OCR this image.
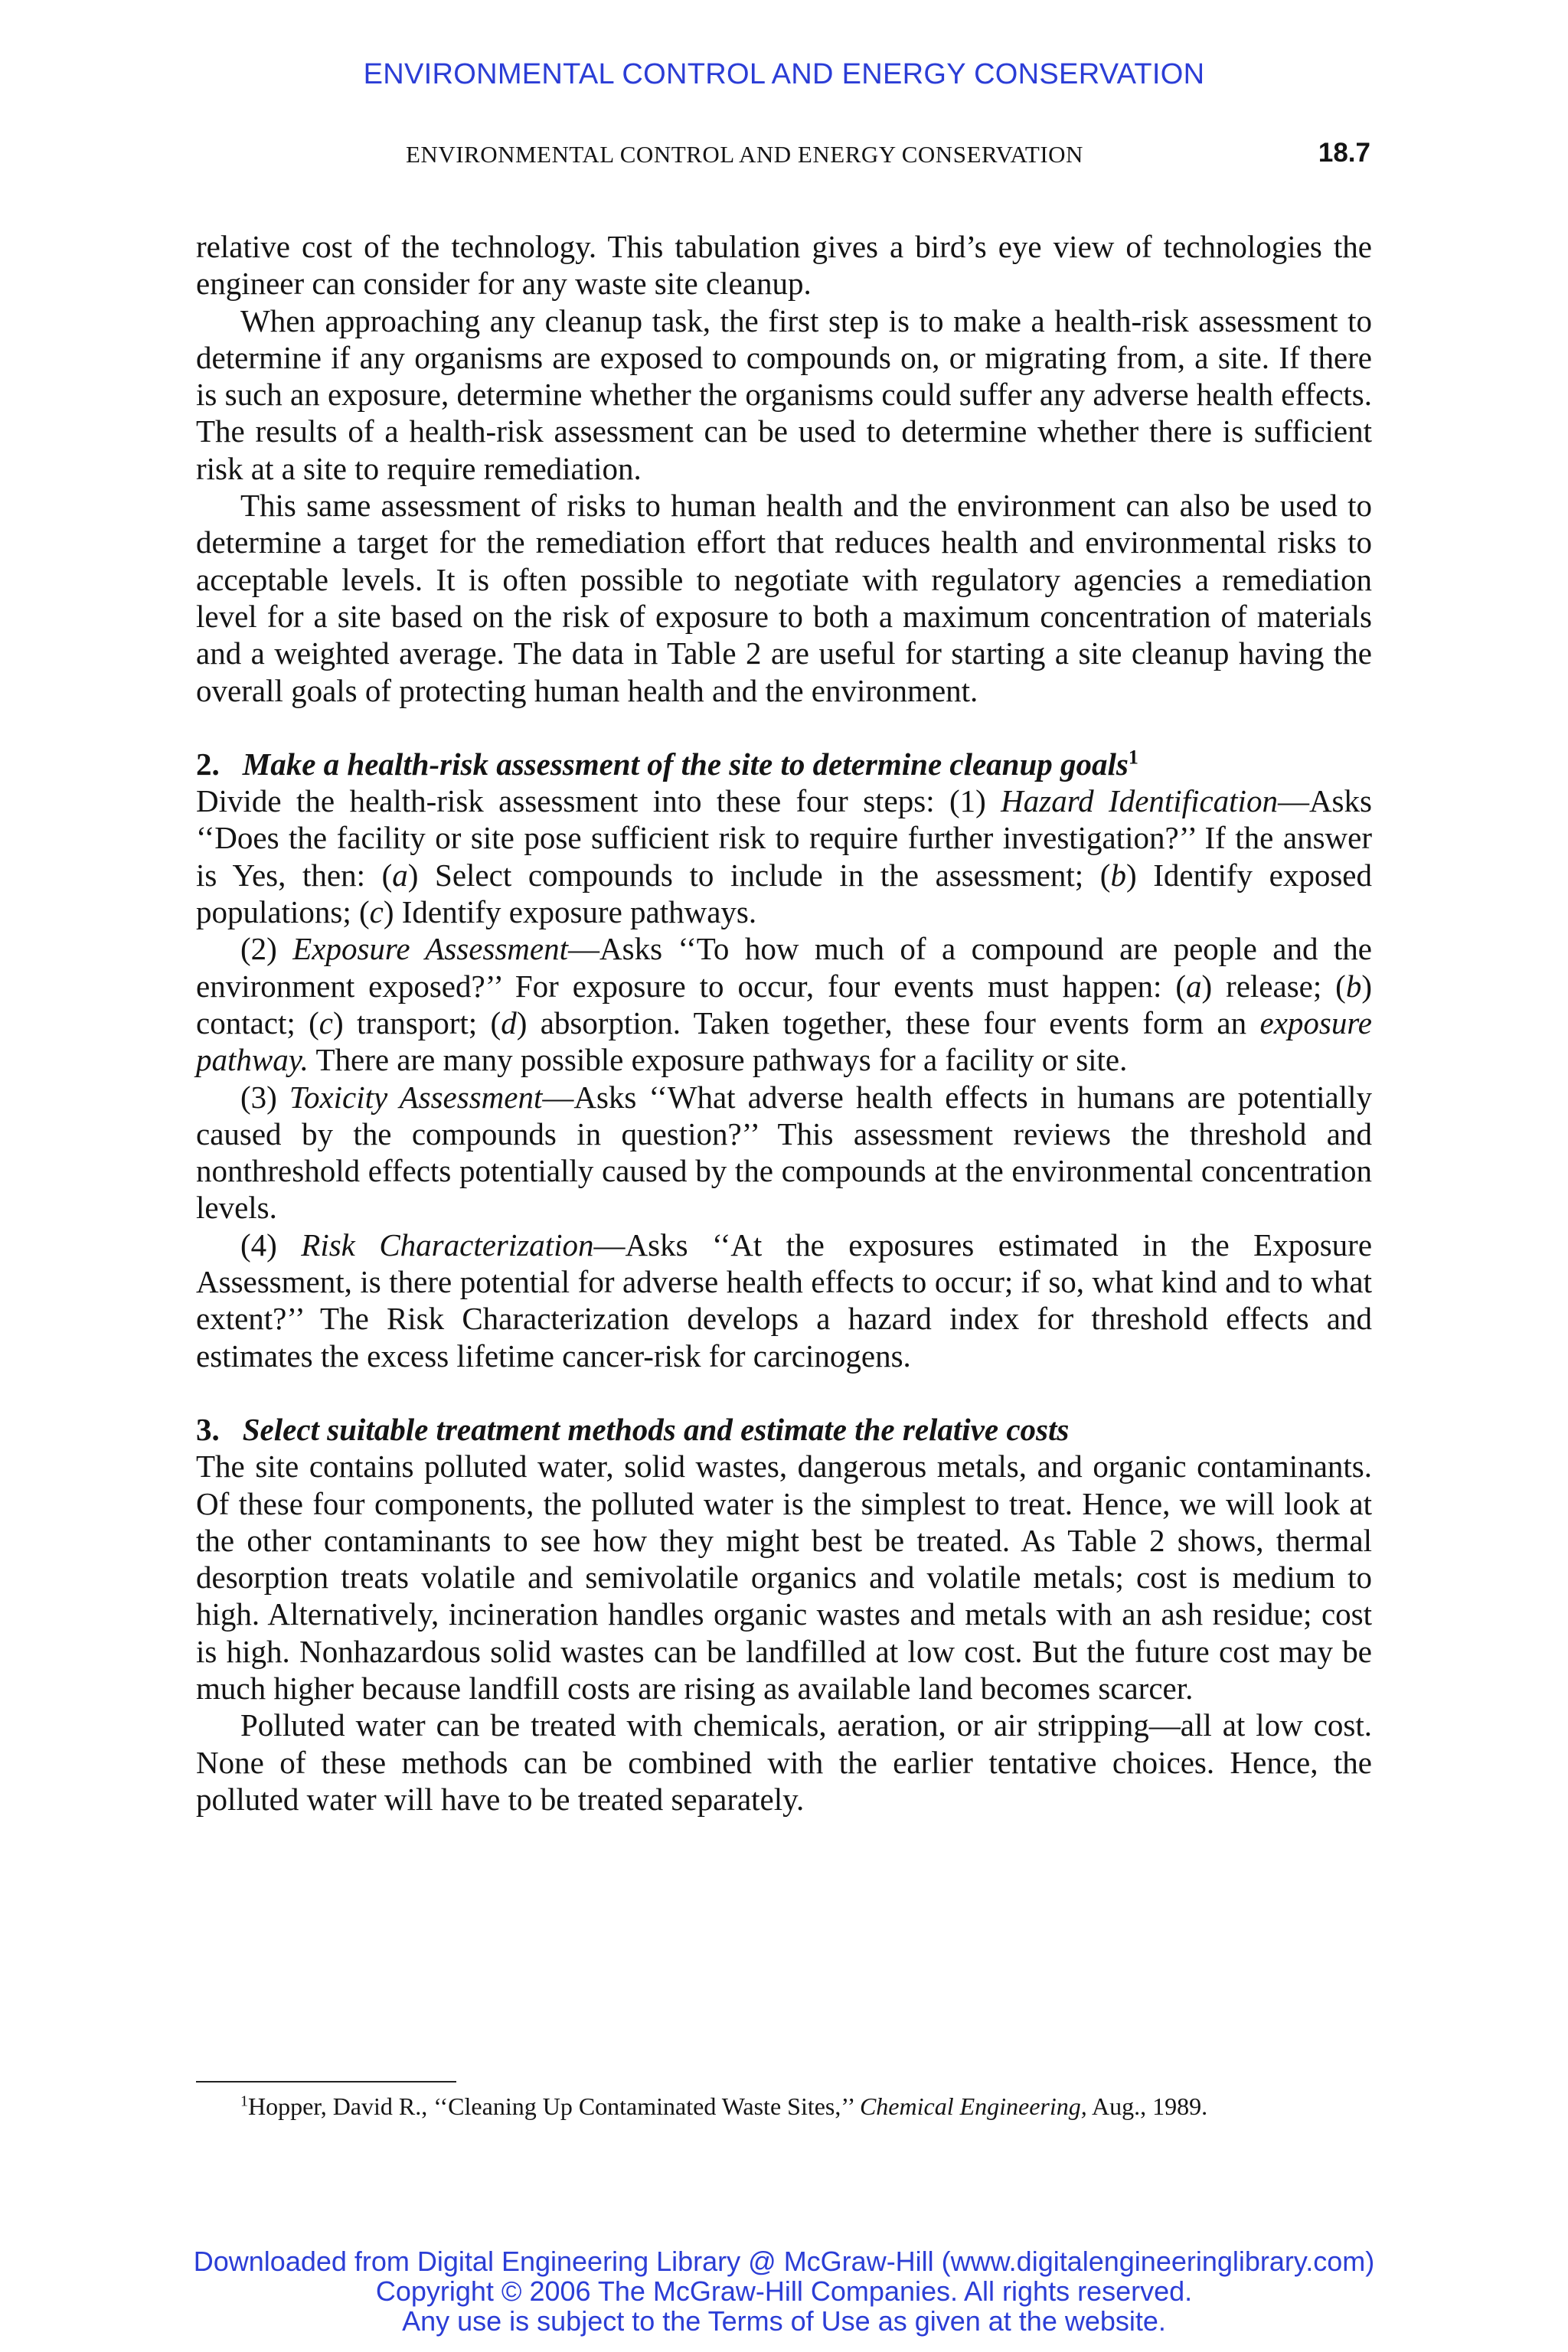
ENVIRONMENTAL CONTROL AND ENERGY CONSERVATION
ENVIRONMENTAL CONTROL AND ENERGY CONSERVATION	18.7

relative cost of the technology. This tabulation gives a bird’s eye view of technologies the engineer can consider for any waste site cleanup.

When approaching any cleanup task, the first step is to make a health-risk assessment to determine if any organisms are exposed to compounds on, or migrating from, a site. If there is such an exposure, determine whether the organisms could suffer any adverse health effects. The results of a health-risk assessment can be used to determine whether there is sufficient risk at a site to require remediation.

This same assessment of risks to human health and the environment can also be used to determine a target for the remediation effort that reduces health and environmental risks to acceptable levels. It is often possible to negotiate with regulatory agencies a remediation level for a site based on the risk of exposure to both a maximum concentration of materials and a weighted average. The data in Table 2 are useful for starting a site cleanup having the overall goals of protecting human health and the environment.

2. Make a health-risk assessment of the site to determine cleanup goals$^1$

Divide the health-risk assessment into these four steps: (1) Hazard Identification—Asks ‘‘Does the facility or site pose sufficient risk to require further investigation?’’ If the answer is Yes, then: (a) Select compounds to include in the assessment; (b) Identify exposed populations; (c) Identify exposure pathways.

(2) Exposure Assessment—Asks ‘‘To how much of a compound are people and the environment exposed?’’ For exposure to occur, four events must happen: (a) release; (b) contact; (c) transport; (d) absorption. Taken together, these four events form an exposure pathway. There are many possible exposure pathways for a facility or site.

(3) Toxicity Assessment—Asks ‘‘What adverse health effects in humans are potentially caused by the compounds in question?’’ This assessment reviews the threshold and nonthreshold effects potentially caused by the compounds at the environmental concentration levels.

(4) Risk Characterization—Asks ‘‘At the exposures estimated in the Exposure Assessment, is there potential for adverse health effects to occur; if so, what kind and to what extent?’’ The Risk Characterization develops a hazard index for threshold effects and estimates the excess lifetime cancer-risk for carcinogens.

3. Select suitable treatment methods and estimate the relative costs

The site contains polluted water, solid wastes, dangerous metals, and organic contaminants. Of these four components, the polluted water is the simplest to treat. Hence, we will look at the other contaminants to see how they might best be treated. As Table 2 shows, thermal desorption treats volatile and semivolatile organics and volatile metals; cost is medium to high. Alternatively, incineration handles organic wastes and metals with an ash residue; cost is high. Nonhazardous solid wastes can be landfilled at low cost. But the future cost may be much higher because landfill costs are rising as available land becomes scarcer.

Polluted water can be treated with chemicals, aeration, or air stripping—all at low cost. None of these methods can be combined with the earlier tentative choices. Hence, the polluted water will have to be treated separately.

$^1$Hopper, David R., ‘‘Cleaning Up Contaminated Waste Sites,’’ Chemical Engineering, Aug., 1989.
Downloaded from Digital Engineering Library @ McGraw-Hill (www.digitalengineeringlibrary.com)
Copyright © 2006 The McGraw-Hill Companies. All rights reserved.
Any use is subject to the Terms of Use as given at the website.
